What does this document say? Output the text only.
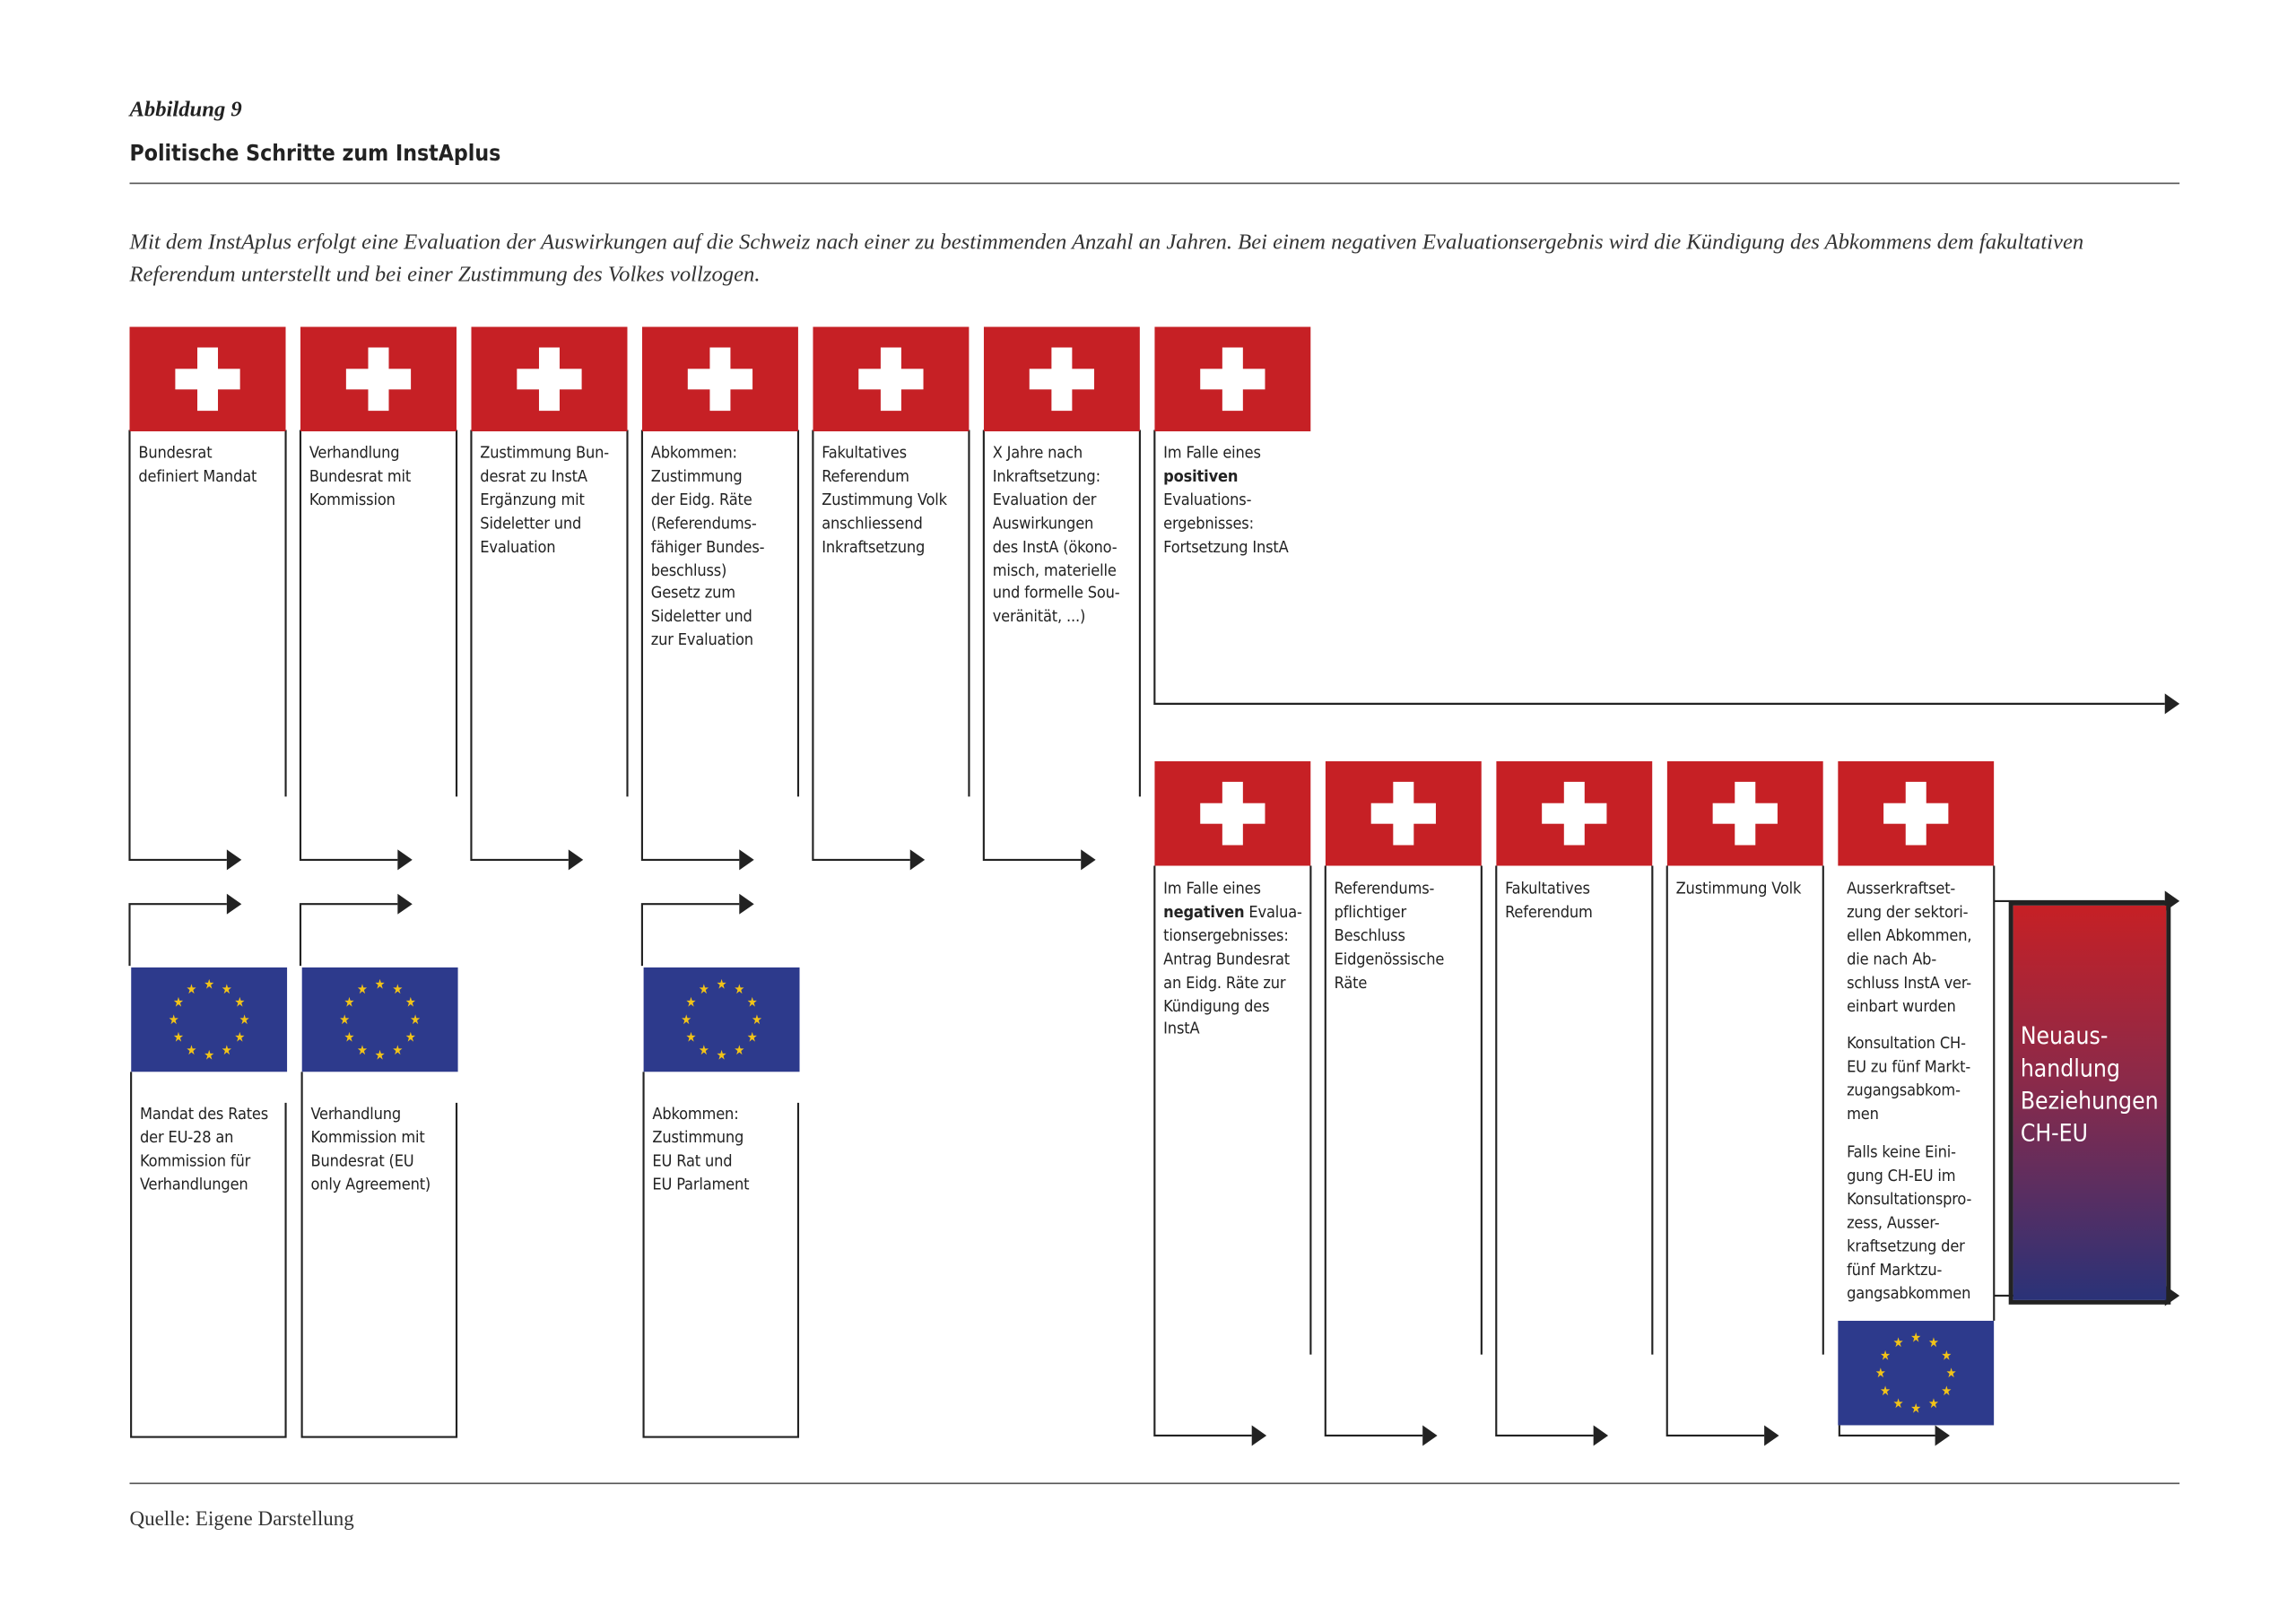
Abbildung 9
Politische Schritte zum InstAplus
Mit dem InstAplus erfolgt eine Evaluation der Auswirkungen auf die Schweiz nach einer zu bestimmenden Anzahl an Jahren. Bei einem negativen Evaluationsergebnis wird die Kündigung des Abkommens dem fakultativen Referendum unterstellt und bei einer Zustimmung des Volkes vollzogen.
★ ★
★
★
★
★
★
★
★
★
★
★	★ ★
★
★
★
★
★
★
★
★
★
★	★ ★
★
★
★
★
★
★
★
★
★
★
★ ★
★
★
★
★
★
★
★
★
★
★
Bundesrat
definiert Mandat
Verhandlung
Bundesrat mit
Kommission
Zustimmung Bun-
desrat zu InstA
Ergänzung mit
Sideletter und
Evaluation
Abkommen:
Zustimmung
der Eidg. Räte
(Referendums-
fähiger Bundes-
beschluss)
Gesetz zum
Sideletter und
zur Evaluation
Fakultatives
Referendum
Zustimmung Volk
anschliessend
Inkraftsetzung
X Jahre nach
Inkraftsetzung:
Evaluation der
Auswirkungen
des InstA (ökono-
misch, materielle
und formelle Sou-
veränität, ...)
Im Falle eines
positiven
Evaluations-
ergebnisses:
Fortsetzung InstA
Mandat des Rates
der EU-28 an
Kommission für
Verhandlungen
Verhandlung
Kommission mit
Bundesrat (EU
only Agreement)
Abkommen:
Zustimmung
EU Rat und
EU Parlament
Im Falle eines
negativen Evalua-
tionsergebnisses:
Antrag Bundesrat
an Eidg. Räte zur
Kündigung des
InstA
Referendums-
pflichtiger
Beschluss
Eidgenössische
Räte
Fakultatives
Referendum
Zustimmung Volk	Ausserkraftset-
zung der sektori-
ellen Abkommen,
die nach Ab-
schluss InstA ver-
einbart wurden
Konsultation CH-
EU zu fünf Markt-
zugangsabkom-
men
Falls keine Eini-
gung CH-EU im
Konsultationspro-
zess, Ausser-
kraftsetzung der
fünf Marktzu-
gangsabkommen
Neuaus-
handlung
Beziehungen
CH-EU
Quelle: Eigene Darstellung
